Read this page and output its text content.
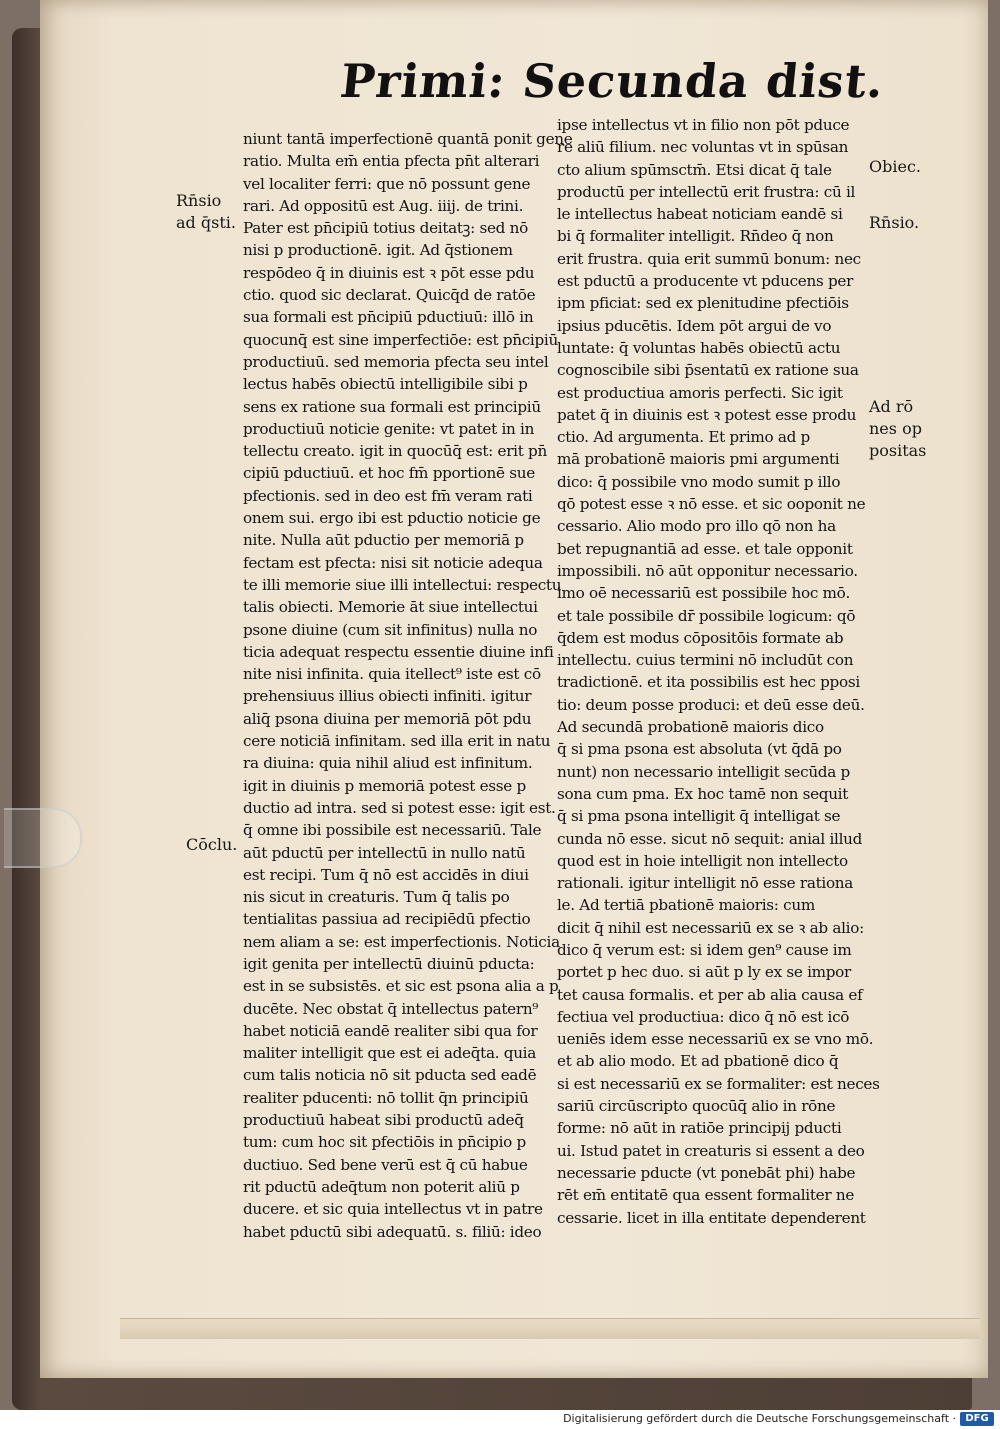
Primi: Secunda dist.

niunt tantā imperfectionē quantā ponit gene

ratio. Multa em̄ entia pfecta pn̄t alterari

vel localiter ferri: que nō possunt gene

rari. Ad oppositū est Aug. iiij. de trini.

Pater est pn̄cipiū totius deitatꝫ: sed nō

nisi p productionē. igit. Ad q̄stionem

respōdeo q̄ in diuinis est ꝛ pōt esse pdu

ctio. quod sic declarat. Quicq̄d de ratōe

sua formali est pn̄cipiū pductiuū: illō in

quocunq̄ est sine imperfectiōe: est pn̄cipiū

productiuū. sed memoria pfecta seu intel

lectus habēs obiectū intelligibile sibi p

sens ex ratione sua formali est principiū

productiuū noticie genite: vt patet in in

tellectu creato. igit in quocūq̄ est: erit pn̄

cipiū pductiuū. et hoc fm̄ pportionē sue

pfectionis. sed in deo est fm̄ veram rati

onem sui. ergo ibi est pductio noticie ge

nite. Nulla aūt pductio per memoriā p

fectam est pfecta: nisi sit noticie adequa

te illi memorie siue illi intellectui: respectu

talis obiecti. Memorie āt siue intellectui

psone diuine (cum sit infinitus) nulla no

ticia adequat respectu essentie diuine infi

nite nisi infinita. quia itellect⁹ iste est cō

prehensiuus illius obiecti infiniti. igitur

aliq̄ psona diuina per memoriā pōt pdu

cere noticiā infinitam. sed illa erit in natu

ra diuina: quia nihil aliud est infinitum.

igit in diuinis p memoriā potest esse p

ductio ad intra. sed si potest esse: igit est.

q̄ omne ibi possibile est necessariū. Tale

aūt pductū per intellectū in nullo natū

est recipi. Tum q̄ nō est accidēs in diui

nis sicut in creaturis. Tum q̄ talis po

tentialitas passiua ad recipiēdū pfectio

nem aliam a se: est imperfectionis. Noticia

igit genita per intellectū diuinū pducta:

est in se subsistēs. et sic est psona alia a p

ducēte. Nec obstat q̄ intellectus patern⁹

habet noticiā eandē realiter sibi qua for

maliter intelligit que est ei adeq̄ta. quia

cum talis noticia nō sit pducta sed eadē

realiter pducenti: nō tollit q̄n principiū

productiuū habeat sibi productū adeq̄

tum: cum hoc sit pfectiōis in pn̄cipio p

ductiuo. Sed bene verū est q̄ cū habue

rit pductū adeq̄tum non poterit aliū p

ducere. et sic quia intellectus vt in patre

habet pductū sibi adequatū. s. filiū: ideo

ipse intellectus vt in filio non pōt pduce

re aliū filium. nec voluntas vt in spūsan

cto alium spūmsctm̄. Etsi dicat q̄ tale

productū per intellectū erit frustra: cū il

le intellectus habeat noticiam eandē si

bi q̄ formaliter intelligit. Rn̄deo q̄ non

erit frustra. quia erit summū bonum: nec

est pductū a producente vt pducens per

ipm pficiat: sed ex plenitudine pfectiōis

ipsius pducētis. Idem pōt argui de vo

luntate: q̄ voluntas habēs obiectū actu

cognoscibile sibi p̄sentatū ex ratione sua

est productiua amoris perfecti. Sic igit

patet q̄ in diuinis est ꝛ potest esse produ

ctio. Ad argumenta. Et primo ad p

mā probationē maioris pmi argumenti

dico: q̄ possibile vno modo sumit p illo

qō potest esse ꝛ nō esse. et sic ooponit ne

cessario. Alio modo pro illo qō non ha

bet repugnantiā ad esse. et tale opponit

impossibili. nō aūt opponitur necessario.

imo oē necessariū est possibile hoc mō.

et tale possibile dr̄ possibile logicum: qō

q̄dem est modus cōpositōis formate ab

intellectu. cuius termini nō includūt con

tradictionē. et ita possibilis est hec pposi

tio: deum posse produci: et deū esse deū.

Ad secundā probationē maioris dico

q̄ si pma psona est absoluta (vt q̄dā po

nunt) non necessario intelligit secūda p

sona cum pma. Ex hoc tamē non sequit

q̄ si pma psona intelligit q̄ intelligat se

cunda nō esse. sicut nō sequit: anial illud

quod est in hoie intelligit non intellecto

rationali. igitur intelligit nō esse rationa

le. Ad tertiā pbationē maioris: cum

dicit q̄ nihil est necessariū ex se ꝛ ab alio:

dico q̄ verum est: si idem gen⁹ cause im

portet p hec duo. si aūt p ly ex se impor

tet causa formalis. et per ab alia causa ef

fectiua vel productiua: dico q̄ nō est icō

ueniēs idem esse necessariū ex se vno mō.

et ab alio modo. Et ad pbationē dico q̄

si est necessariū ex se formaliter: est neces

sariū circūscripto quocūq̄ alio in rōne

forme: nō aūt in ratiōe principij pducti

ui. Istud patet in creaturis si essent a deo

necessarie pducte (vt ponebāt phi) habe

rēt em̄ entitatē qua essent formaliter ne

cessarie. licet in illa entitate dependerent

Rn̄sio

ad q̄sti.

Cōclu.

Obiec.

Rn̄sio.

Ad rō

nes op

positas

Digitalisierung gefördert durch die Deutsche Forschungsgemeinschaft · DFG
